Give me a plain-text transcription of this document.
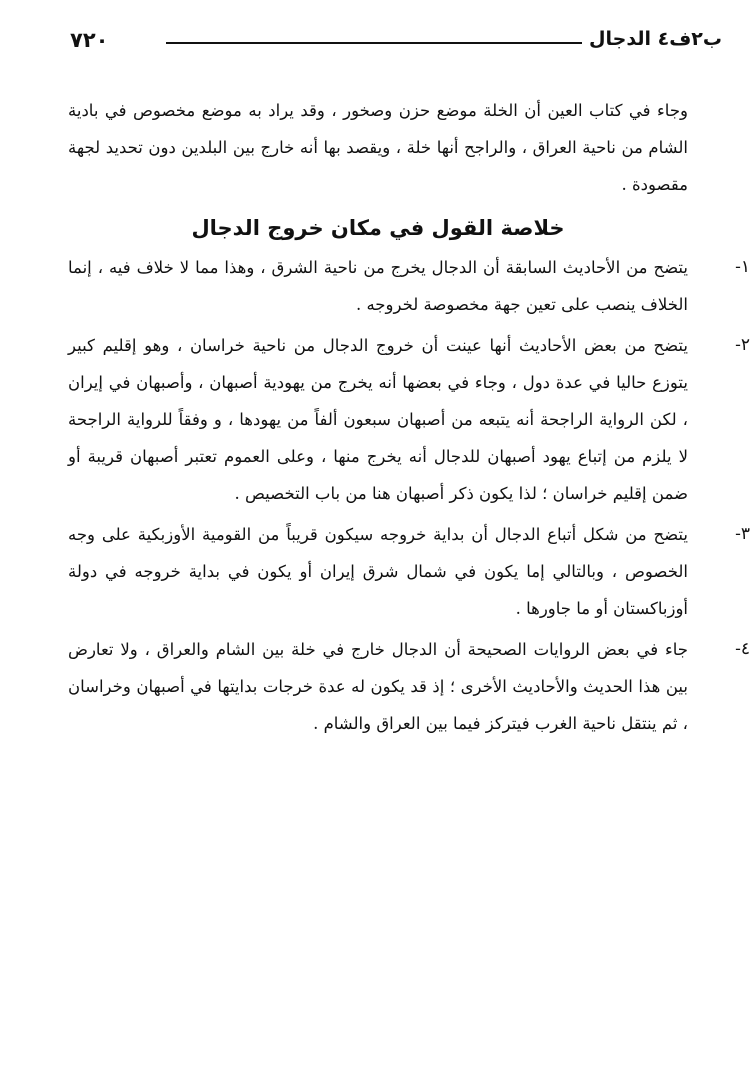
٧٢٠	ب٢ف٤ الدجال

وجاء في كتاب العين أن الخلة موضع حزن وصخور ، وقد يراد به موضع مخصوص في بادية الشام من ناحية العراق ، والراجح أنها خلة ، ويقصد بها أنه خارج بين البلدين دون تحديد لجهة مقصودة .

خلاصة القول في مكان خروج الدجال
١-

يتضح من الأحاديث السابقة أن الدجال يخرج من ناحية الشرق ، وهذا مما لا خلاف فيه ، إنما الخلاف ينصب على تعين جهة مخصوصة لخروجه .

٢-

يتضح من بعض الأحاديث أنها عينت أن خروج الدجال من ناحية خراسان ، وهو إقليم كبير يتوزع حاليا في عدة دول ، وجاء في بعضها أنه يخرج من يهودية أصبهان ، وأصبهان في إيران ، لكن الرواية الراجحة أنه يتبعه من أصبهان سبعون ألفاً من يهودها ، و وفقاً للرواية الراجحة لا يلزم من إتباع يهود أصبهان للدجال أنه يخرج منها ، وعلى العموم تعتبر أصبهان قريبة أو ضمن إقليم خراسان ؛ لذا يكون ذكر أصبهان هنا من باب التخصيص .

٣-

يتضح من شكل أتباع الدجال أن بداية خروجه سيكون قريباً من القومية الأوزبكية على وجه الخصوص ، وبالتالي إما يكون في شمال شرق إيران أو يكون في بداية خروجه في دولة أوزباكستان أو ما جاورها .

٤-

جاء في بعض الروايات الصحيحة أن الدجال خارج في خلة بين الشام والعراق ، ولا تعارض بين هذا الحديث والأحاديث الأخرى ؛ إذ قد يكون له عدة خرجات بدايتها في أصبهان وخراسان ، ثم ينتقل ناحية الغرب فيتركز فيما بين العراق والشام .
